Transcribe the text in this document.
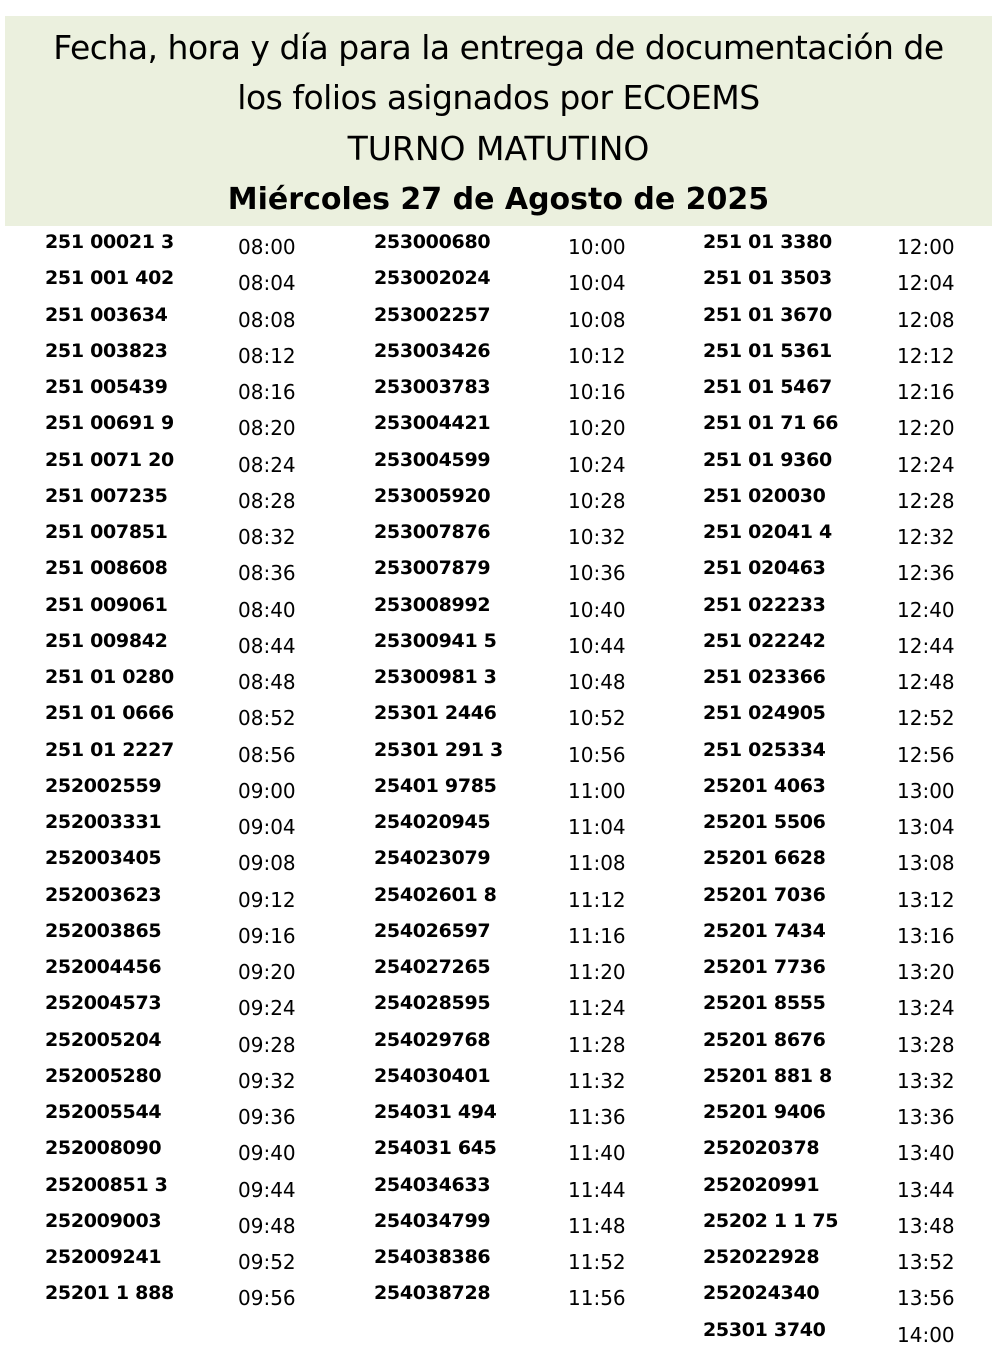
Fecha, hora y día para la entrega de documentación de
los folios asignados por ECOEMS
TURNO MATUTINO
Miércoles 27 de Agosto de 2025
251 00021 3	08:00	253000680	10:00	251 01 3380	12:00
251 001 402	08:04	253002024	10:04	251 01 3503	12:04
251 003634	08:08	253002257	10:08	251 01 3670	12:08
251 003823	08:12	253003426	10:12	251 01 5361	12:12
251 005439	08:16	253003783	10:16	251 01 5467	12:16
251 00691 9	08:20	253004421	10:20	251 01 71 66	12:20
251 0071 20	08:24	253004599	10:24	251 01 9360	12:24
251 007235	08:28	253005920	10:28	251 020030	12:28
251 007851	08:32	253007876	10:32	251 02041 4	12:32
251 008608	08:36	253007879	10:36	251 020463	12:36
251 009061	08:40	253008992	10:40	251 022233	12:40
251 009842	08:44	25300941 5	10:44	251 022242	12:44
251 01 0280	08:48	25300981 3	10:48	251 023366	12:48
251 01 0666	08:52	25301 2446	10:52	251 024905	12:52
251 01 2227	08:56	25301 291 3	10:56	251 025334	12:56
252002559	09:00	25401 9785	11:00	25201 4063	13:00
252003331	09:04	254020945	11:04	25201 5506	13:04
252003405	09:08	254023079	11:08	25201 6628	13:08
252003623	09:12	25402601 8	11:12	25201 7036	13:12
252003865	09:16	254026597	11:16	25201 7434	13:16
252004456	09:20	254027265	11:20	25201 7736	13:20
252004573	09:24	254028595	11:24	25201 8555	13:24
252005204	09:28	254029768	11:28	25201 8676	13:28
252005280	09:32	254030401	11:32	25201 881 8	13:32
252005544	09:36	254031 494	11:36	25201 9406	13:36
252008090	09:40	254031 645	11:40	252020378	13:40
25200851 3	09:44	254034633	11:44	252020991	13:44
252009003	09:48	254034799	11:48	25202 1 1 75	13:48
252009241	09:52	254038386	11:52	252022928	13:52
25201 1 888	09:56	254038728	11:56	252024340	13:56
25301 3740	14:00
